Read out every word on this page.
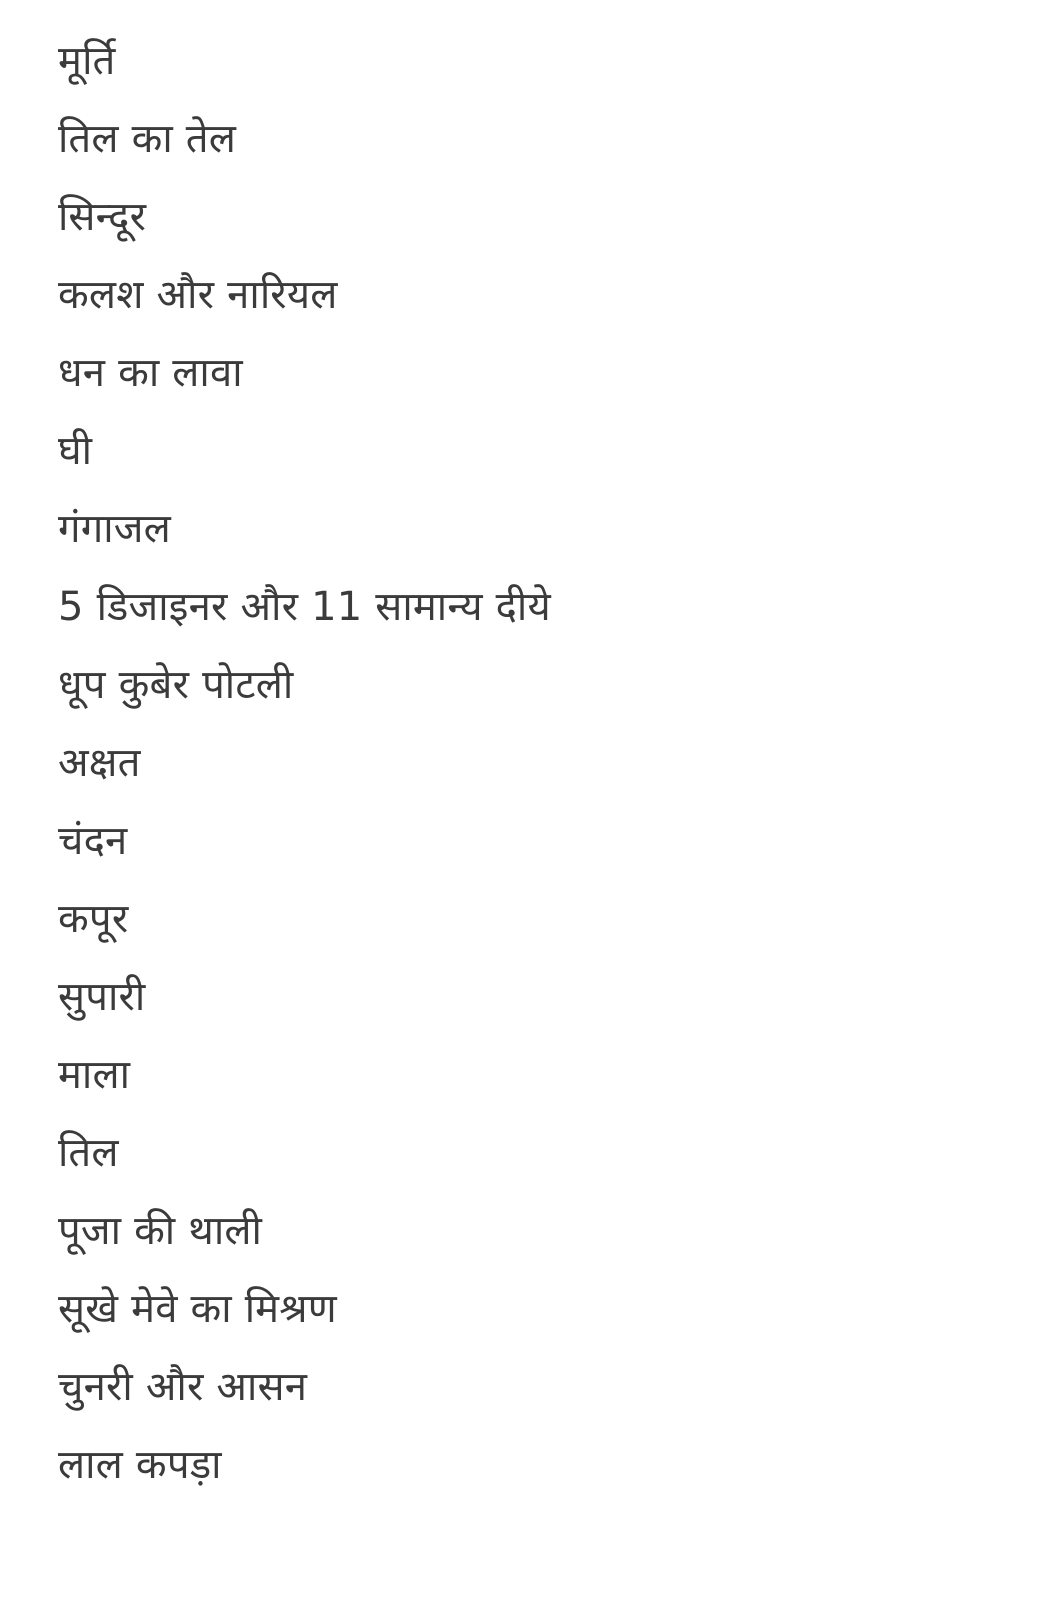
मूर्ति
तिल का तेल
सिन्दूर
कलश और नारियल
धन का लावा
घी
गंगाजल
5 डिजाइनर और 11 सामान्य दीये
धूप कुबेर पोटली
अक्षत
चंदन
कपूर
सुपारी
माला
तिल
पूजा की थाली
सूखे मेवे का मिश्रण
चुनरी और आसन
लाल कपड़ा
